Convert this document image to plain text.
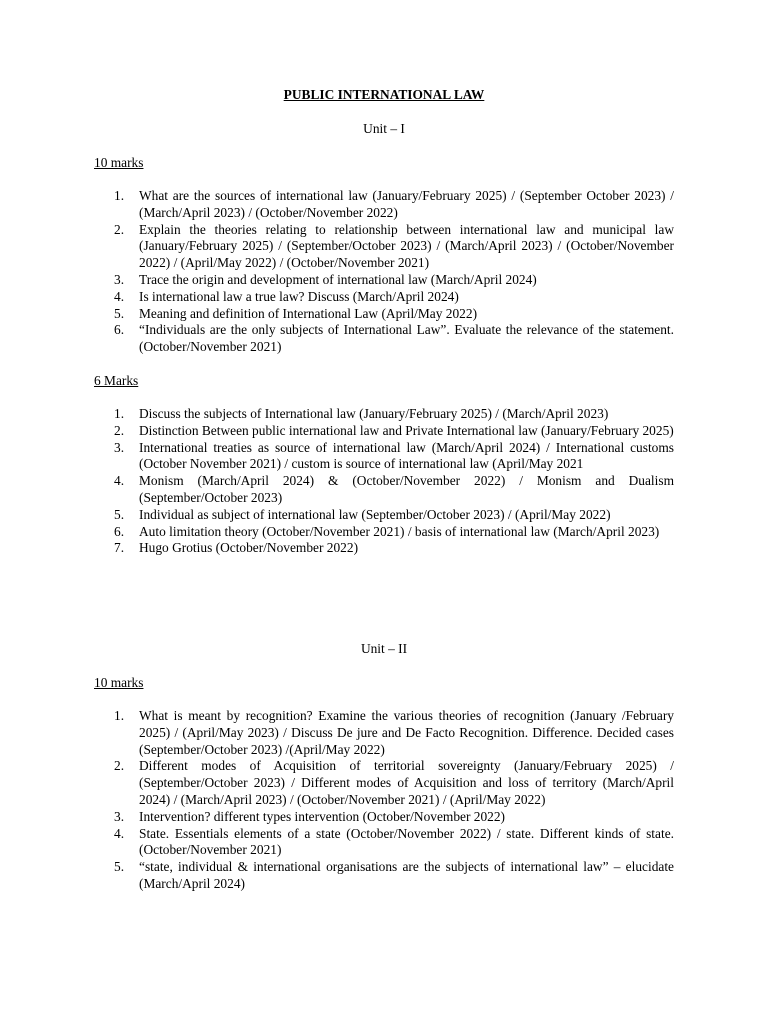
PUBLIC INTERNATIONAL LAW
Unit – I
10 marks
1.	What are the sources of international law (January/February 2025) / (September October 2023) / (March/April 2023) / (October/November 2022)
2.	Explain the theories relating to relationship between international law and municipal law (January/February 2025) / (September/October 2023) / (March/April 2023) / (October/November 2022) / (April/May 2022) / (October/November 2021)
3.	Trace the origin and development of international law (March/April 2024)
4.	Is international law a true law? Discuss (March/April 2024)
5.	Meaning and definition of International Law (April/May 2022)
6.	“Individuals are the only subjects of International Law”. Evaluate the relevance of the statement. (October/November 2021)
6 Marks
1.	Discuss the subjects of International law (January/February 2025) / (March/April 2023)
2.	Distinction Between public international law and Private International law (January/February 2025)
3.	International treaties as source of international law (March/April 2024) / International customs (October November 2021) / custom is source of international law (April/May 2021
4.	Monism (March/April 2024) & (October/November 2022) / Monism and Dualism (September/October 2023)
5.	Individual as subject of international law (September/October 2023) / (April/May 2022)
6.	Auto limitation theory (October/November 2021) / basis of international law (March/April 2023)
7.	Hugo Grotius (October/November 2022)
Unit – II
10 marks
1.	What is meant by recognition? Examine the various theories of recognition (January /February 2025) / (April/May 2023) / Discuss De jure and De Facto Recognition. Difference. Decided cases (September/October 2023) /(April/May 2022)
2.	Different modes of Acquisition of territorial sovereignty (January/February 2025) / (September/October 2023) / Different modes of Acquisition and loss of territory (March/April 2024) / (March/April 2023) / (October/November 2021) / (April/May 2022)
3.	Intervention? different types intervention (October/November 2022)
4.	State. Essentials elements of a state (October/November 2022) / state. Different kinds of state. (October/November 2021)
5.	“state, individual & international organisations are the subjects of international law” – elucidate (March/April 2024)
